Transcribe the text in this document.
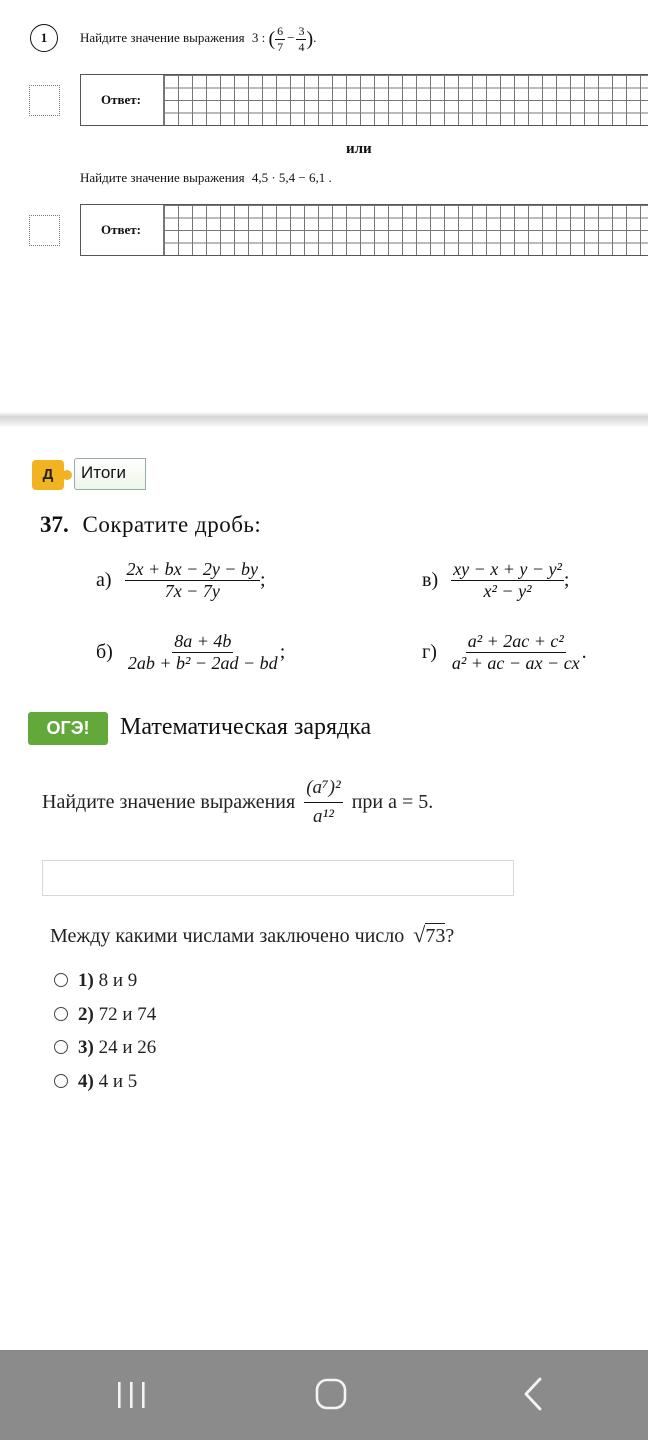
1	Найдите значение выражения 3 : ( $\frac{6}{7} - \frac{3}{4}$ ).
Ответ:
или
Найдите значение выражения 4,5 · 5,4 − 6,1 .
Ответ:
Д	Итоги
37. Сократите дробь:
$а) \frac{2x + bx - 2y - by}{7x - 7y}$ ;	$в) \frac{\text{xy − x + y − y²}}{\text{x² − y²}}$ ;
$б) \frac{8a + 4b}{\text{2ab + b² − 2ad − bd}}$ ;	$г) \frac{\text{a² + 2ac + c²}}{\text{a² + ac − ax − cx}}$ .
ОГЭ!	Математическая зарядка
Найдите значение выражения $\frac{\text{(a⁷)²}}{\text{a¹²}}$ при a = 5.
Между какими числами заключено число √73?
1) 8 и 9
2) 72 и 74
3) 24 и 26
4) 4 и 5
